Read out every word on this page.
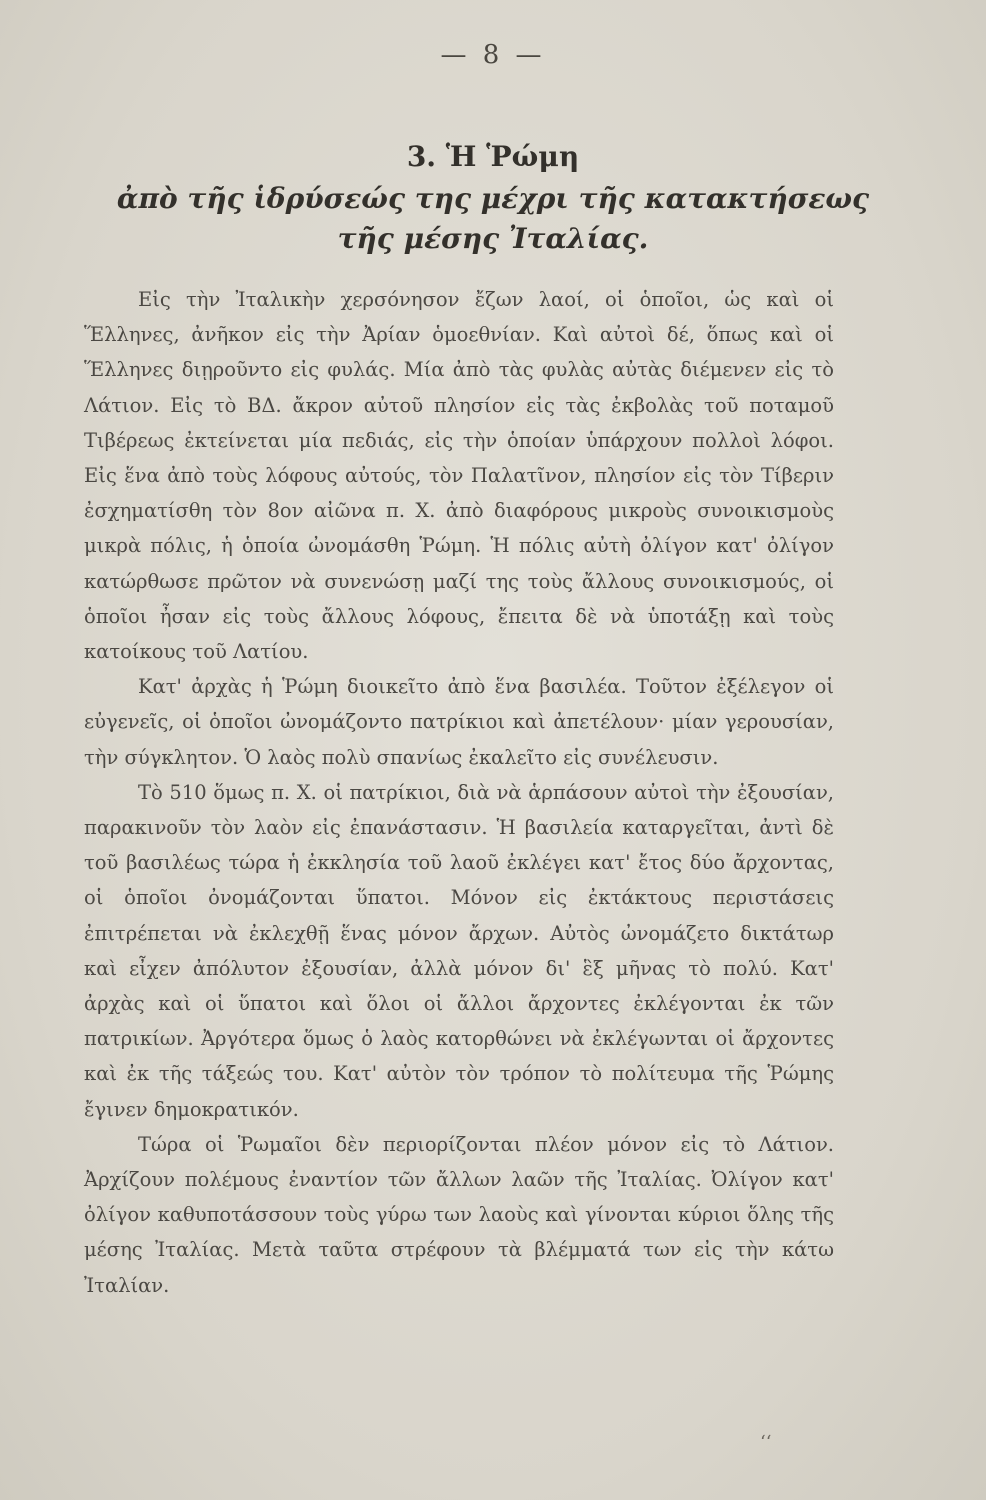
— 8 —
3. Ἡ Ῥώμη
ἀπὸ τῆς ἱδρύσεώς της μέχρι τῆς κατακτήσεως
τῆς μέσης Ἰταλίας.

Εἰς τὴν Ἰταλικὴν χερσόνησον ἔζων λαοί, οἱ ὁποῖοι, ὡς καὶ οἱ Ἕλληνες, ἀνῆκον εἰς τὴν Ἀρίαν ὁμοεθνίαν. Καὶ αὐτοὶ δέ, ὅπως καὶ οἱ Ἕλληνες διῃροῦντο εἰς φυλάς. Μία ἀπὸ τὰς φυλὰς αὐτὰς διέμενεν εἰς τὸ Λάτιον. Εἰς τὸ ΒΔ. ἄκρον αὐτοῦ πλησίον εἰς τὰς ἐκβολὰς τοῦ ποταμοῦ Τιβέρεως ἐκτείνεται μία πεδιάς, εἰς τὴν ὁποίαν ὑπάρχουν πολλοὶ λόφοι. Εἰς ἕνα ἀπὸ τοὺς λόφους αὐτούς, τὸν Παλατῖνον, πλησίον εἰς τὸν Τίβεριν ἐσχηματίσθη τὸν 8ον αἰῶνα π. Χ. ἀπὸ διαφόρους μικροὺς συνοικισμοὺς μικρὰ πόλις, ἡ ὁποία ὠνομάσθη Ῥώμη. Ἡ πόλις αὐτὴ ὀλίγον κατ' ὀλίγον κατώρθωσε πρῶτον νὰ συνενώσῃ μαζί της τοὺς ἄλλους συνοικισμούς, οἱ ὁποῖοι ἦσαν εἰς τοὺς ἄλλους λόφους, ἔπειτα δὲ νὰ ὑποτάξῃ καὶ τοὺς κατοίκους τοῦ Λατίου.

Κατ' ἀρχὰς ἡ Ῥώμη διοικεῖτο ἀπὸ ἕνα βασιλέα. Τοῦτον ἐξέλεγον οἱ εὐγενεῖς, οἱ ὁποῖοι ὠνομάζοντο πατρίκιοι καὶ ἀπετέλουν· μίαν γερουσίαν, τὴν σύγκλητον. Ὁ λαὸς πολὺ σπανίως ἐκαλεῖτο εἰς συνέλευσιν.

Τὸ 510 ὅμως π. Χ. οἱ πατρίκιοι, διὰ νὰ ἁρπάσουν αὐτοὶ τὴν ἐξουσίαν, παρακινοῦν τὸν λαὸν εἰς ἐπανάστασιν. Ἡ βασιλεία καταργεῖται, ἀντὶ δὲ τοῦ βασιλέως τώρα ἡ ἐκκλησία τοῦ λαοῦ ἐκλέγει κατ' ἔτος δύο ἄρχοντας, οἱ ὁποῖοι ὀνομάζονται ὕπατοι. Μόνον εἰς ἐκτάκτους περιστάσεις ἐπιτρέπεται νὰ ἐκλεχθῇ ἕνας μόνον ἄρχων. Αὐτὸς ὠνομάζετο δικτάτωρ καὶ εἶχεν ἀπόλυτον ἐξουσίαν, ἀλλὰ μόνον δι' ἓξ μῆνας τὸ πολύ. Κατ' ἀρχὰς καὶ οἱ ὕπατοι καὶ ὅλοι οἱ ἄλλοι ἄρχοντες ἐκλέγονται ἐκ τῶν πατρικίων. Ἀργότερα ὅμως ὁ λαὸς κατορθώνει νὰ ἐκλέγωνται οἱ ἄρχοντες καὶ ἐκ τῆς τάξεώς του. Κατ' αὐτὸν τὸν τρόπον τὸ πολίτευμα τῆς Ῥώμης ἔγινεν δημοκρατικόν.

Τώρα οἱ Ῥωμαῖοι δὲν περιορίζονται πλέον μόνον εἰς τὸ Λάτιον. Ἀρχίζουν πολέμους ἐναντίον τῶν ἄλλων λαῶν τῆς Ἰταλίας. Ὀλίγον κατ' ὀλίγον καθυποτάσσουν τοὺς γύρω των λαοὺς καὶ γίνονται κύριοι ὅλης τῆς μέσης Ἰταλίας. Μετὰ ταῦτα στρέφουν τὰ βλέμματά των εἰς τὴν κάτω Ἰταλίαν.

‘‘
